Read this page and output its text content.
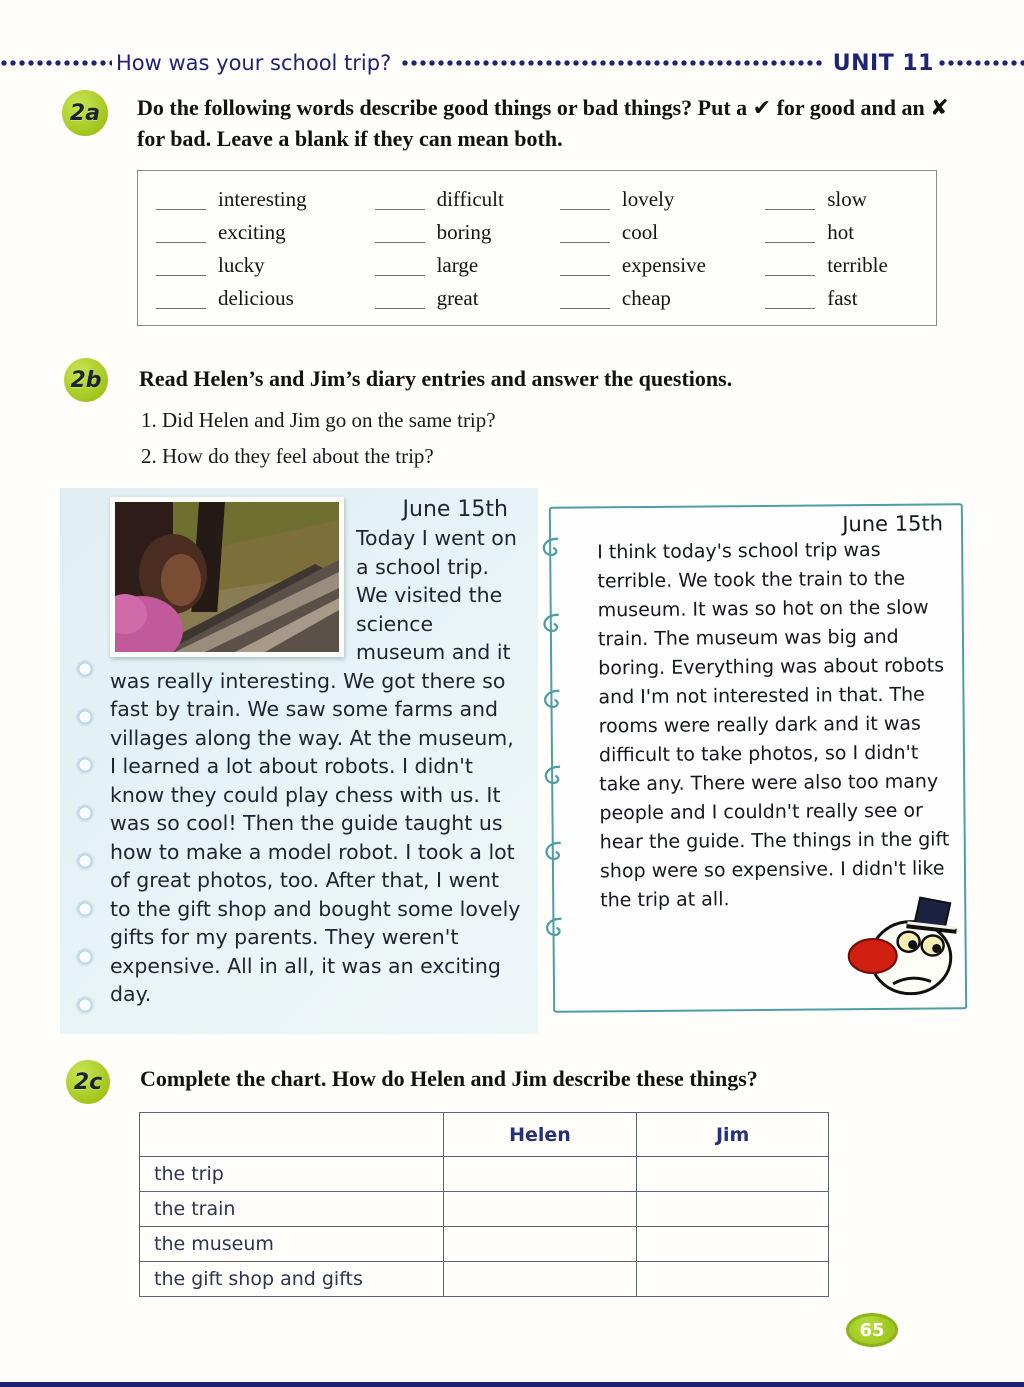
How was your school trip?	UNIT 11
2a	Do the following words describe good things or bad things? Put a ✔ for good and an ✘ for bad. Leave a blank if they can mean both.
interesting	difficult	lovely	slow
exciting	boring	cool	hot
lucky	large	expensive	terrible
delicious	great	cheap	fast
2b Read Helen’s and Jim’s diary entries and answer the questions.
1. Did Helen and Jim go on the same trip?
2. How do they feel about the trip?
June 15th

Today I went on a school trip. We visited the science museum and it was really interesting. We got there so fast by train. We saw some farms and villages along the way. At the museum, I learned a lot about robots. I didn't know they could play chess with us. It was so cool! Then the guide taught us how to make a model robot. I took a lot of great photos, too. After that, I went to the gift shop and bought some lovely gifts for my parents. They weren't expensive. All in all, it was an exciting day.

June 15th

I think today's school trip was terrible. We took the train to the museum. It was so hot on the slow train. The museum was big and boring. Everything was about robots and I'm not interested in that. The rooms were really dark and it was difficult to take photos, so I didn't take any. There were also too many people and I couldn't really see or hear the guide. The things in the gift shop were so expensive. I didn't like the trip at all.

2c	Complete the chart. How do Helen and Jim describe these things?
	Helen	Jim
the trip		
the train		
the museum		
the gift shop and gifts		
65
